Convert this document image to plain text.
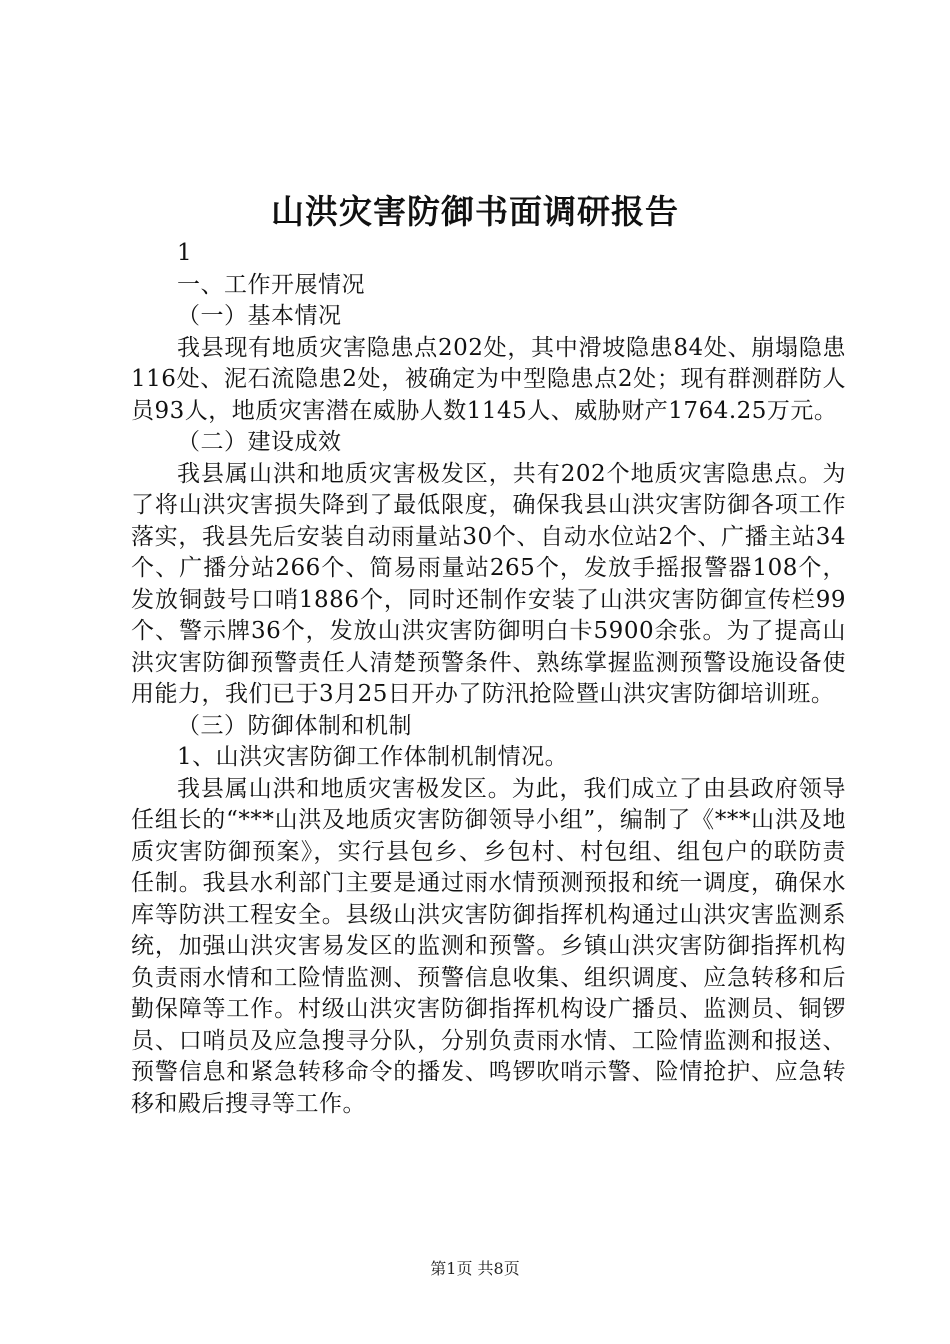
山洪灾害防御书面调研报告

1

一、工作开展情况

（一）基本情况

我县现有地质灾害隐患点202处，其中滑坡隐患84处、崩塌隐患116处、泥石流隐患2处，被确定为中型隐患点2处；现有群测群防人员93人，地质灾害潜在威胁人数1145人、威胁财产1764.25万元。

（二）建设成效

我县属山洪和地质灾害极发区，共有202个地质灾害隐患点。为了将山洪灾害损失降到了最低限度，确保我县山洪灾害防御各项工作落实，我县先后安装自动雨量站30个、自动水位站2个、广播主站34个、广播分站266个、简易雨量站265个，发放手摇报警器108个，发放铜鼓号口哨1886个，同时还制作安装了山洪灾害防御宣传栏99个、警示牌36个，发放山洪灾害防御明白卡5900余张。为了提高山洪灾害防御预警责任人清楚预警条件、熟练掌握监测预警设施设备使用能力，我们已于3月25日开办了防汛抢险暨山洪灾害防御培训班。

（三）防御体制和机制

1、山洪灾害防御工作体制机制情况。

我县属山洪和地质灾害极发区。为此，我们成立了由县政府领导任组长的“***山洪及地质灾害防御领导小组”，编制了《***山洪及地质灾害防御预案》，实行县包乡、乡包村、村包组、组包户的联防责任制。我县水利部门主要是通过雨水情预测预报和统一调度，确保水库等防洪工程安全。县级山洪灾害防御指挥机构通过山洪灾害监测系统，加强山洪灾害易发区的监测和预警。乡镇山洪灾害防御指挥机构负责雨水情和工险情监测、预警信息收集、组织调度、应急转移和后勤保障等工作。村级山洪灾害防御指挥机构设广播员、监测员、铜锣员、口哨员及应急搜寻分队，分别负责雨水情、工险情监测和报送、预警信息和紧急转移命令的播发、鸣锣吹哨示警、险情抢护、应急转移和殿后搜寻等工作。

第1页 共8页
